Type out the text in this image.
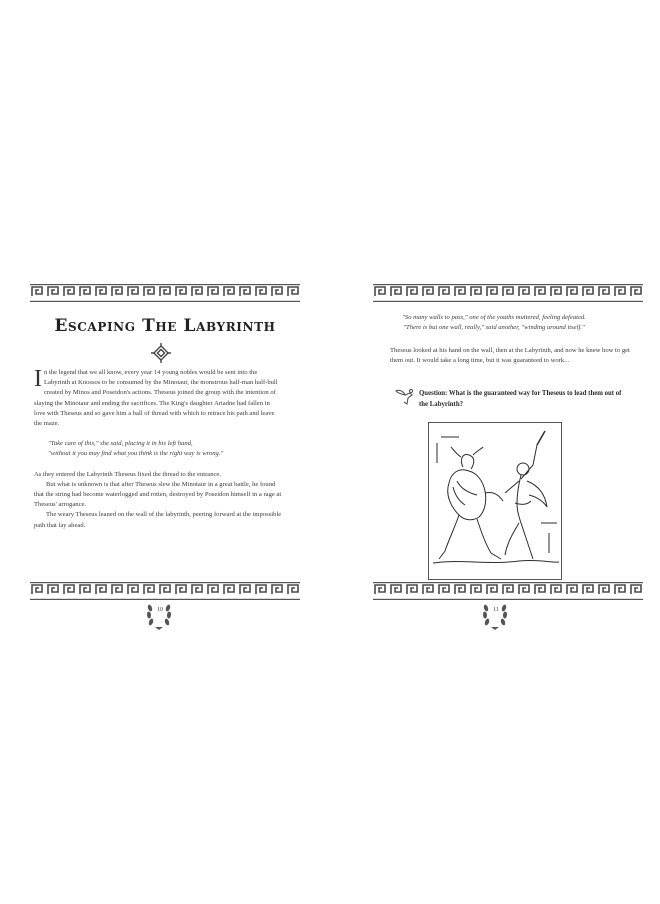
Escaping The Labyrinth

In the legend that we all know, every year 14 young nobles would be sent into the Labyrinth at Knossos to be consumed by the Minotaur, the monstrous half-man half-bull created by Minos and Poseidon's actions. Theseus joined the group with the intention of slaying the Minotaur and ending the sacrifices. The King's daughter Ariadne had fallen in love with Theseus and so gave him a ball of thread with which to retrace his path and leave the maze.

"Take care of this," she said, placing it in his left hand,

"without it you may find what you think is the right way is wrong."

As they entered the Labyrinth Theseus fixed the thread to the entrance.

But what is unknown is that after Theseus slew the Minotaur in a great battle, he found that the string had become waterlogged and rotten, destroyed by Poseidon himself in a rage at Theseus' arrogance.

The weary Theseus leaned on the wall of the labyrinth, peering forward at the impossible path that lay ahead.

10

"So many walls to pass," one of the youths muttered, feeling defeated.

"There is but one wall, really," said another, "winding around itself."

Theseus looked at his hand on the wall, then at the Labyrinth, and now he knew how to get them out. It would take a long time, but it was guaranteed to work...
11
Question: What is the guaranteed way for Theseus to lead them out of the Labyrinth?
